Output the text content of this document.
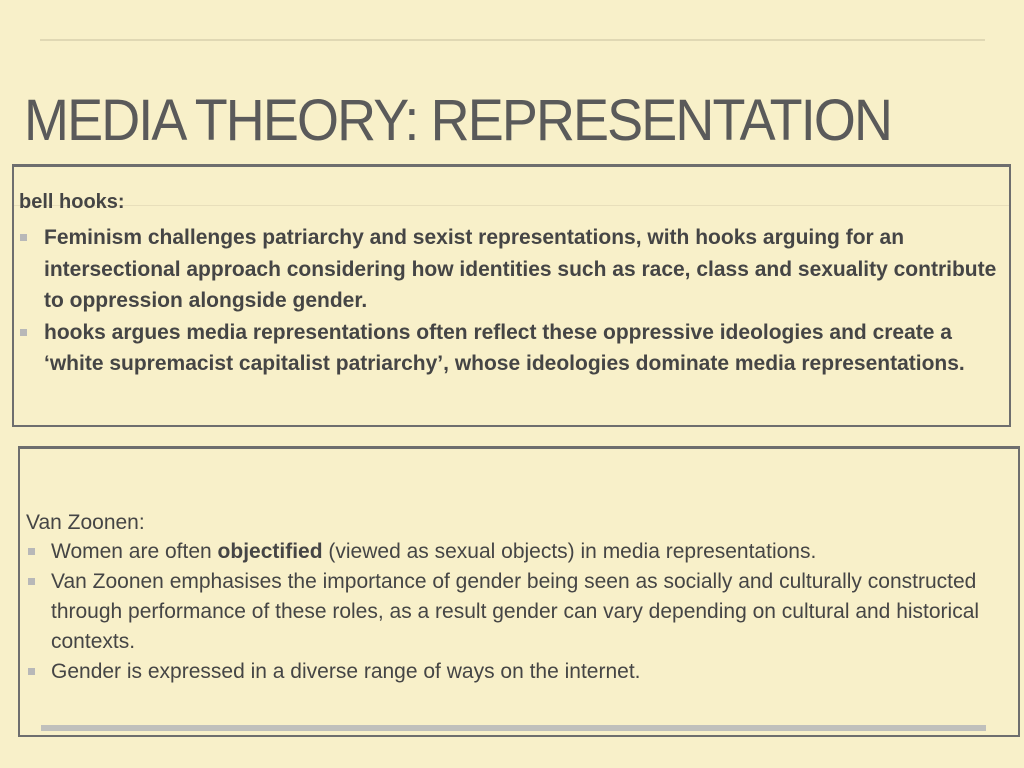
MEDIA THEORY: REPRESENTATION
bell hooks:
Feminism challenges patriarchy and sexist representations, with hooks arguing for an intersectional approach considering how identities such as race, class and sexuality contribute to oppression alongside gender.
hooks argues media representations often reflect these oppressive ideologies and create a ‘white supremacist capitalist patriarchy’, whose ideologies dominate media representations.
Van Zoonen:
Women are often objectified (viewed as sexual objects) in media representations.
Van Zoonen emphasises the importance of gender being seen as socially and culturally constructed through performance of these roles, as a result gender can vary depending on cultural and historical contexts.
Gender is expressed in a diverse range of ways on the internet.
